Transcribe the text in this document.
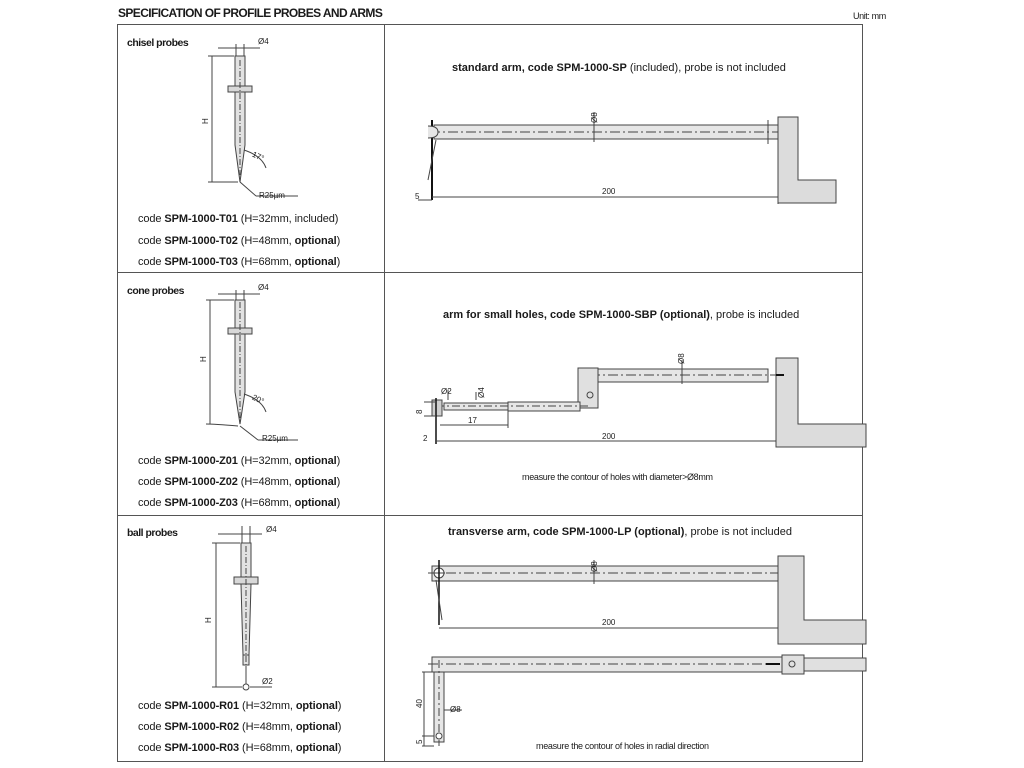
SPECIFICATION OF PROFILE PROBES AND ARMS	Unit: mm
chisel probes	Ø4
H
17°
R25µm
code SPM-1000-T01 (H=32mm, included)
code SPM-1000-T02 (H=48mm, optional)
code SPM-1000-T03 (H=68mm, optional)
standard arm, code SPM-1000-SP (included), probe is not included
Ø8
200
5
cone probes	Ø4
H
20°
R25µm
code SPM-1000-Z01 (H=32mm, optional)
code SPM-1000-Z02 (H=48mm, optional)
code SPM-1000-Z03 (H=68mm, optional)
arm for small holes, code SPM-1000-SBP (optional), probe is included
Ø2	Ø4
Ø8
8
17
200
2
measure the contour of holes with diameter>Ø8mm
ball probes	Ø4
H
Ø2
code SPM-1000-R01 (H=32mm, optional)
code SPM-1000-R02 (H=48mm, optional)
code SPM-1000-R03 (H=68mm, optional)
transverse arm, code SPM-1000-LP (optional), probe is not included
Ø8
200
40
Ø8
5	measure the contour of holes in radial direction
